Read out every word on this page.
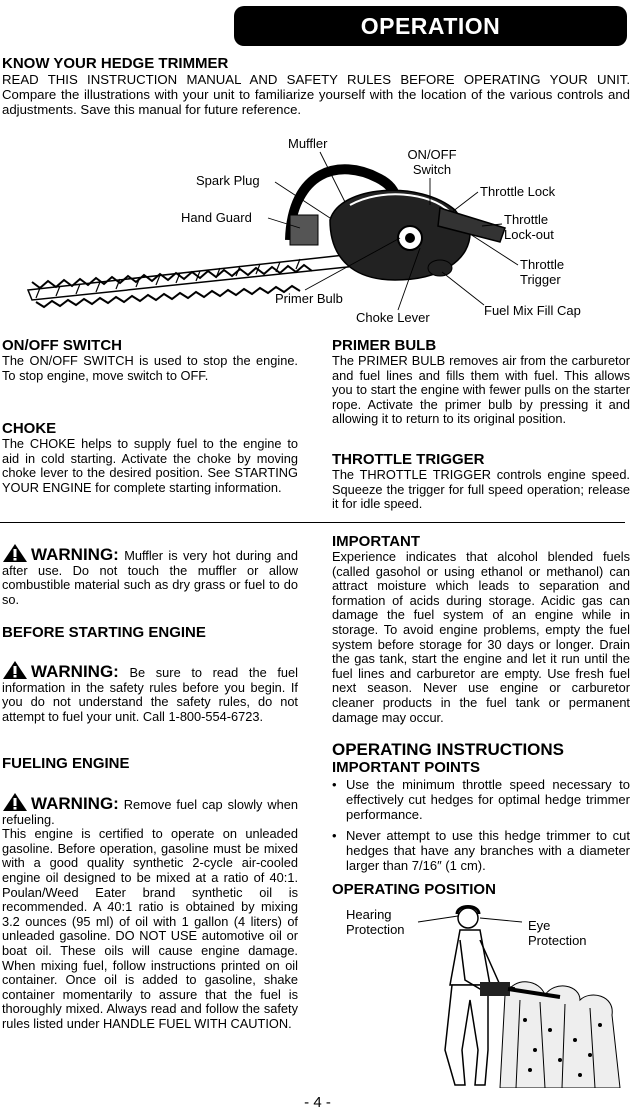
OPERATION
KNOW YOUR HEDGE TRIMMER
READ THIS INSTRUCTION MANUAL AND SAFETY RULES BEFORE OPERATING YOUR UNIT. Compare the illustrations with your unit to familiarize yourself with the location of the various controls and adjustments. Save this manual for future reference.
Muffler
ON/OFF
Switch
Spark Plug
Throttle Lock
Hand Guard	Throttle
Lock-out
Throttle
Trigger
Primer Bulb
Choke Lever	Fuel Mix Fill Cap
ON/OFF SWITCH
The ON/OFF SWITCH is used to stop the engine. To stop engine, move switch to OFF.
CHOKE
The CHOKE helps to supply fuel to the engine to aid in cold starting. Activate the choke by moving choke lever to the desired position. See STARTING YOUR ENGINE for complete starting information.
PRIMER BULB
The PRIMER BULB removes air from the carburetor and fuel lines and fills them with fuel. This allows you to start the engine with fewer pulls on the starter rope. Activate the primer bulb by pressing it and allowing it to return to its original position.
THROTTLE TRIGGER
The THROTTLE TRIGGER controls engine speed. Squeeze the trigger for full speed operation; release it for idle speed.
WARNING: Muffler is very hot during and after use. Do not touch the muffler or allow combustible material such as dry grass or fuel to do so.
BEFORE STARTING ENGINE
WARNING: Be sure to read the fuel information in the safety rules before you begin. If you do not understand the safety rules, do not attempt to fuel your unit. Call 1-800-554-6723.
FUELING ENGINE
WARNING: Remove fuel cap slowly when refueling.
This engine is certified to operate on unleaded gasoline. Before operation, gasoline must be mixed with a good quality synthetic 2-cycle air-cooled engine oil designed to be mixed at a ratio of 40:1. Poulan/Weed Eater brand synthetic oil is recommended. A 40:1 ratio is obtained by mixing 3.2 ounces (95 ml) of oil with 1 gallon (4 liters) of unleaded gasoline. DO NOT USE automotive oil or boat oil. These oils will cause engine damage. When mixing fuel, follow instructions printed on oil container. Once oil is added to gasoline, shake container momentarily to assure that the fuel is thoroughly mixed. Always read and follow the safety rules listed under HANDLE FUEL WITH CAUTION.
IMPORTANT
Experience indicates that alcohol blended fuels (called gasohol or using ethanol or methanol) can attract moisture which leads to separation and formation of acids during storage. Acidic gas can damage the fuel system of an engine while in storage. To avoid engine problems, empty the fuel system before storage for 30 days or longer. Drain the gas tank, start the engine and let it run until the fuel lines and carburetor are empty. Use fresh fuel next season. Never use engine or carburetor cleaner products in the fuel tank or permanent damage may occur.
OPERATING INSTRUCTIONS
IMPORTANT POINTS
• Use the minimum throttle speed necessary to effectively cut hedges for optimal hedge trimmer performance.
• Never attempt to use this hedge trimmer to cut hedges that have any branches with a diameter larger than 7/16″ (1 cm).
OPERATING POSITION
Hearing
Protection	Eye
Protection
- 4 -
